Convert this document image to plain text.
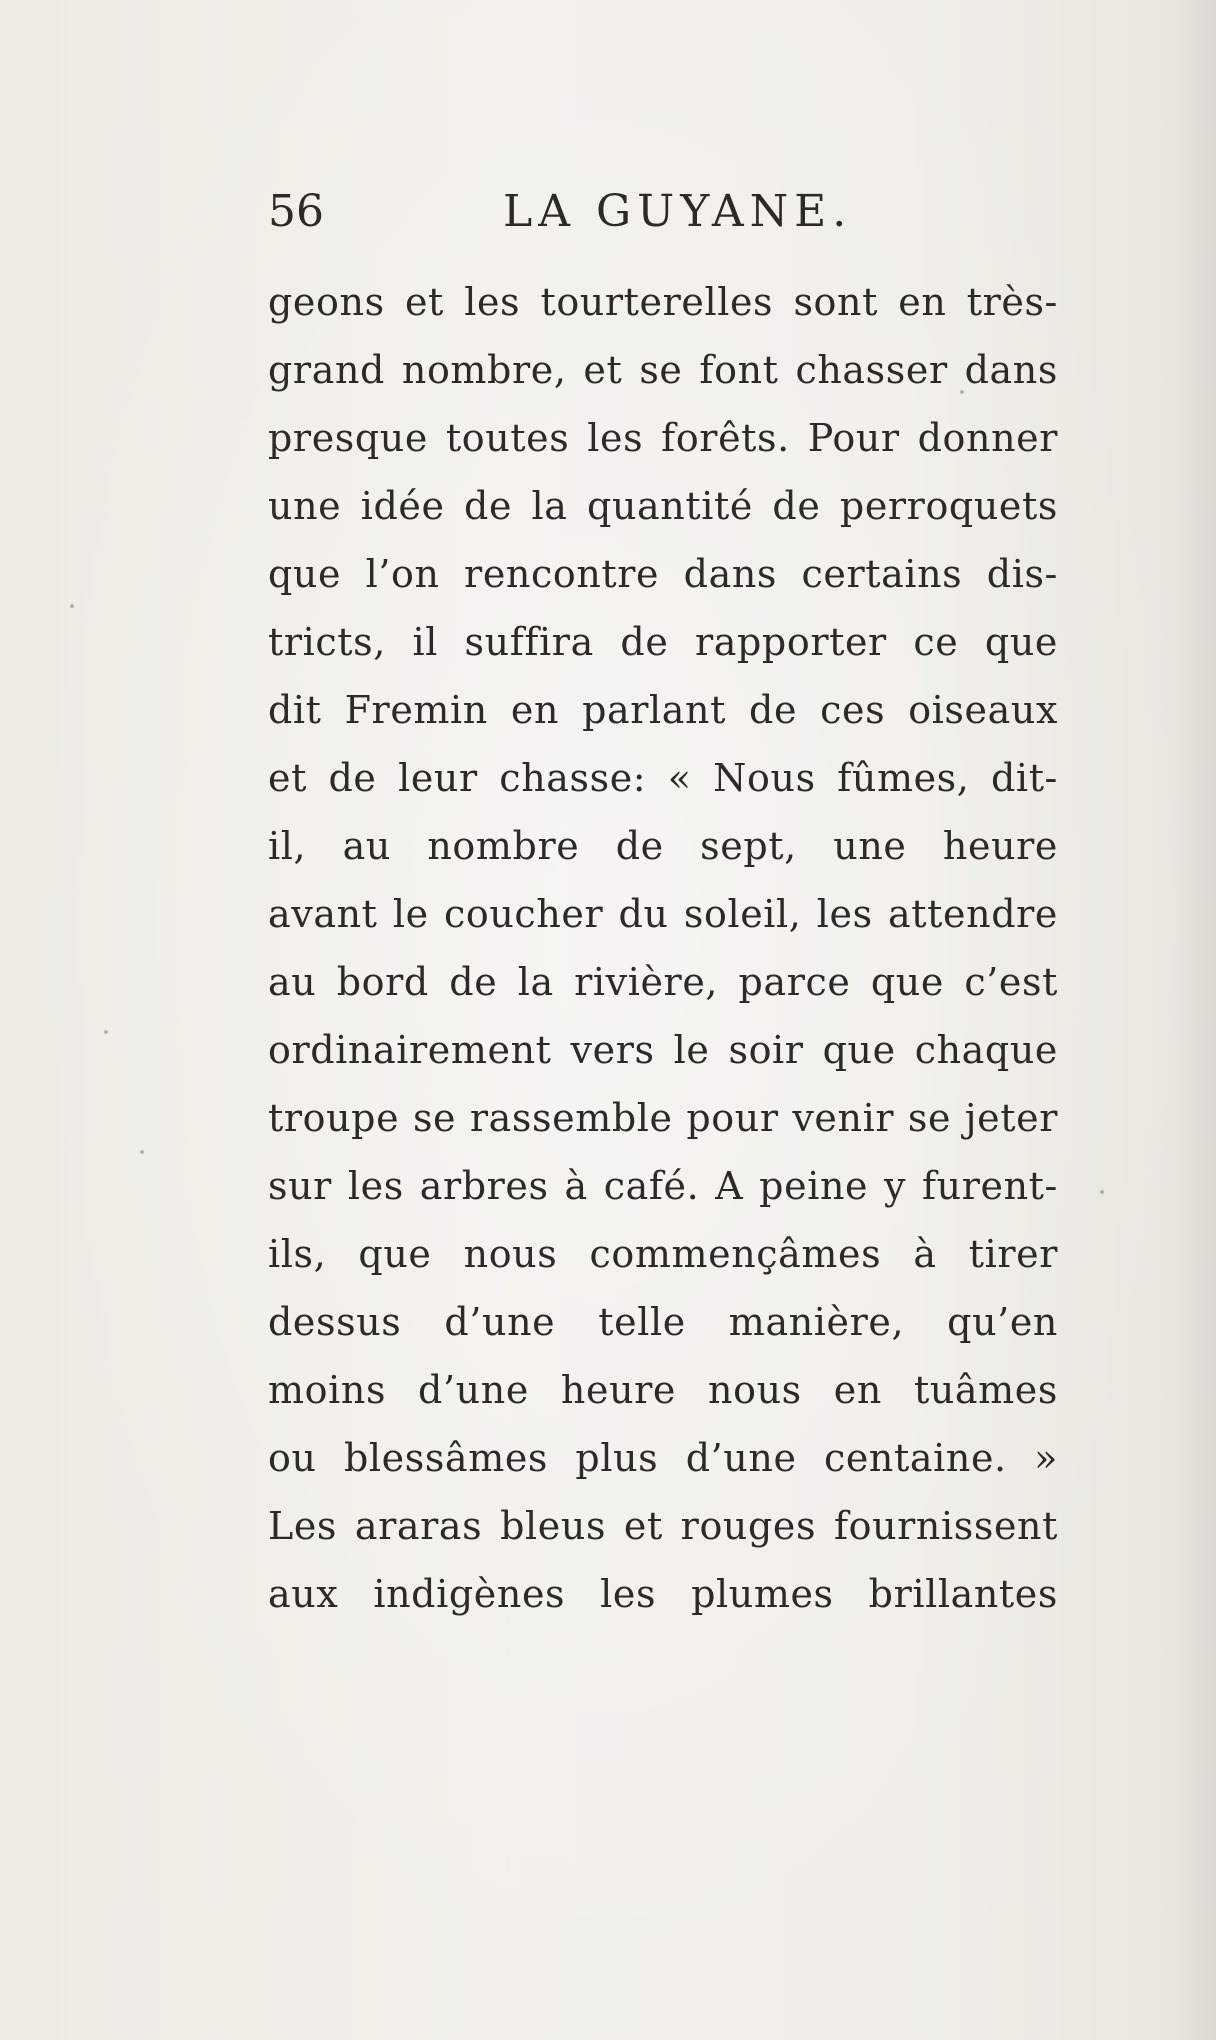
56	LA GUYANE.
geons et les tourterelles sont en très-
grand nombre, et se font chasser dans
presque toutes les forêts. Pour donner
une idée de la quantité de perroquets
que l’on rencontre dans certains dis-
tricts, il suffira de rapporter ce que
dit Fremin en parlant de ces oiseaux
et de leur chasse: « Nous fûmes, dit-
il, au nombre de sept, une heure
avant le coucher du soleil, les attendre
au bord de la rivière, parce que c’est
ordinairement vers le soir que chaque
troupe se rassemble pour venir se jeter
sur les arbres à café. A peine y furent-
ils, que nous commençâmes à tirer
dessus d’une telle manière, qu’en
moins d’une heure nous en tuâmes
ou blessâmes plus d’une centaine. »
Les araras bleus et rouges fournissent
aux indigènes les plumes brillantes
